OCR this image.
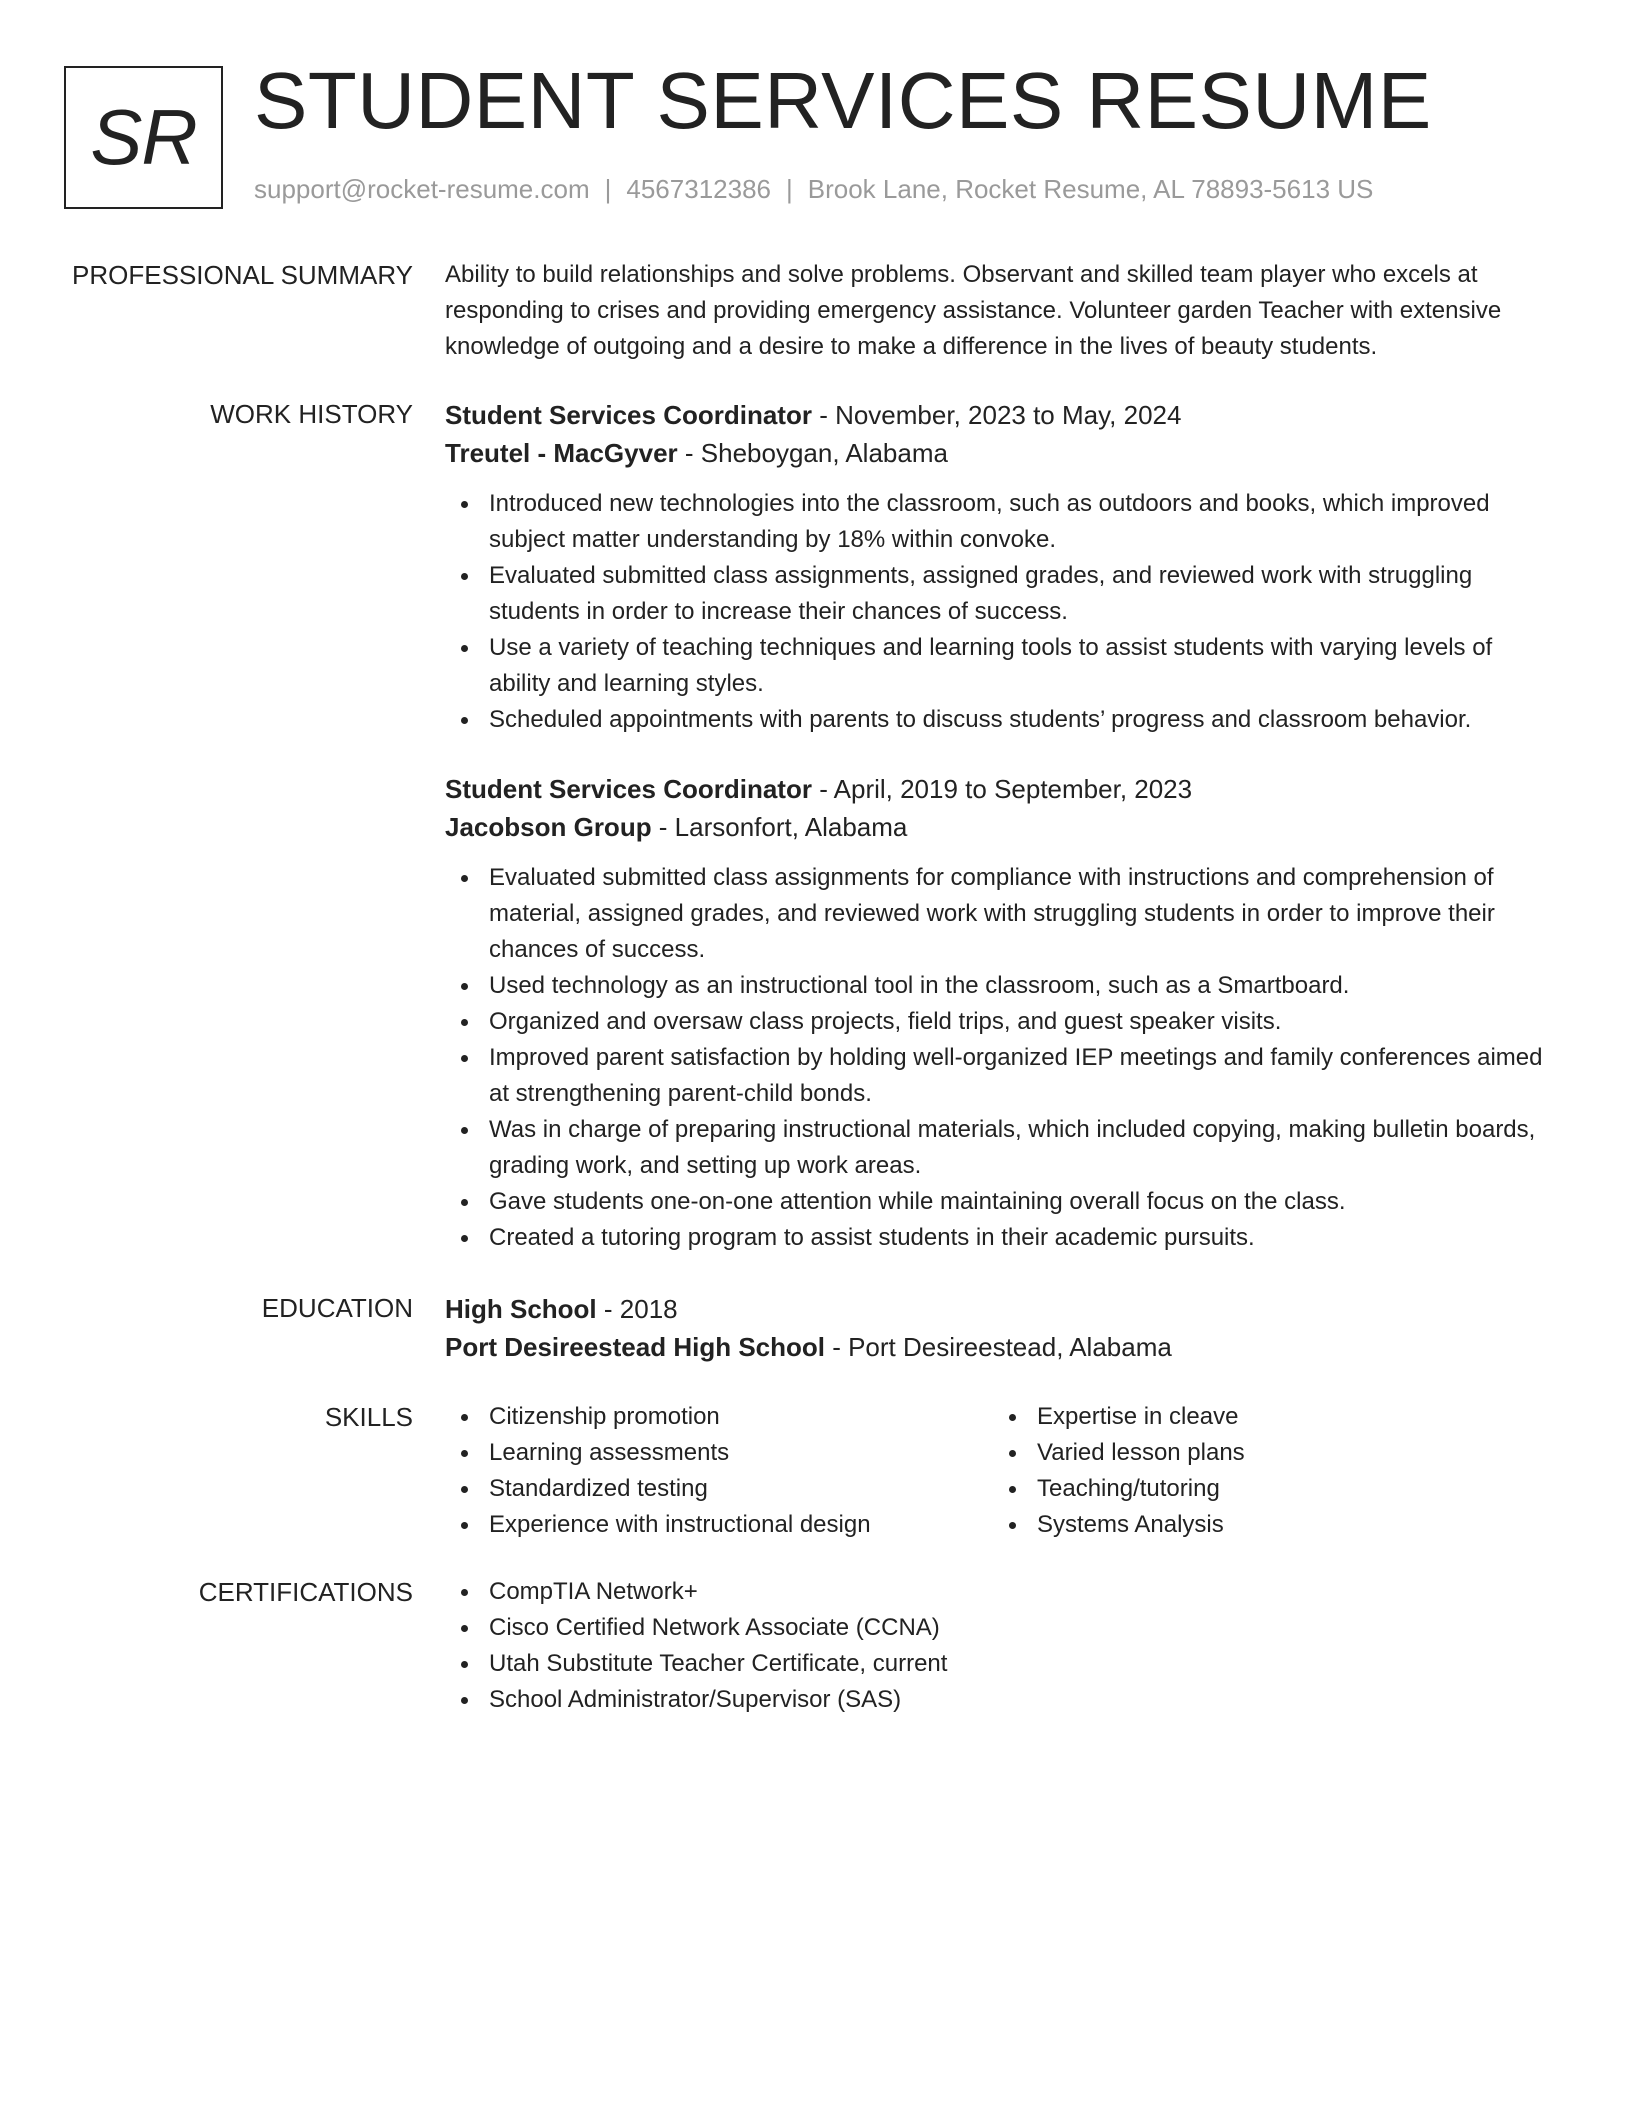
SR STUDENT SERVICES RESUME
support@rocket-resume.com | 4567312386 | Brook Lane, Rocket Resume, AL 78893-5613 US
PROFESSIONAL SUMMARY Ability to build relationships and solve problems. Observant and skilled team player who excels at responding to crises and providing emergency assistance. Volunteer garden Teacher with extensive knowledge of outgoing and a desire to make a difference in the lives of beauty students.

WORK HISTORY Student Services Coordinator - November, 2023 to May, 2024
Treutel - MacGyver - Sheboygan, Alabama
Introduced new technologies into the classroom, such as outdoors and books, which improved subject matter understanding by 18% within convoke.
Evaluated submitted class assignments, assigned grades, and reviewed work with struggling students in order to increase their chances of success.
Use a variety of teaching techniques and learning tools to assist students with varying levels of ability and learning styles.
Scheduled appointments with parents to discuss students’ progress and classroom behavior.
Student Services Coordinator - April, 2019 to September, 2023
Jacobson Group - Larsonfort, Alabama
Evaluated submitted class assignments for compliance with instructions and comprehension of material, assigned grades, and reviewed work with struggling students in order to improve their chances of success.
Used technology as an instructional tool in the classroom, such as a Smartboard.
Organized and oversaw class projects, field trips, and guest speaker visits.
Improved parent satisfaction by holding well-organized IEP meetings and family conferences aimed at strengthening parent-child bonds.
Was in charge of preparing instructional materials, which included copying, making bulletin boards, grading work, and setting up work areas.
Gave students one-on-one attention while maintaining overall focus on the class.
Created a tutoring program to assist students in their academic pursuits.
EDUCATION High School - 2018
Port Desireestead High School - Port Desireestead, Alabama
SKILLS	Citizenship promotion
Learning assessments
Standardized testing
Experience with instructional design
Expertise in cleave
Varied lesson plans
Teaching/tutoring
Systems Analysis
CERTIFICATIONS	CompTIA Network+
Cisco Certified Network Associate (CCNA)
Utah Substitute Teacher Certificate, current
School Administrator/Supervisor (SAS)
